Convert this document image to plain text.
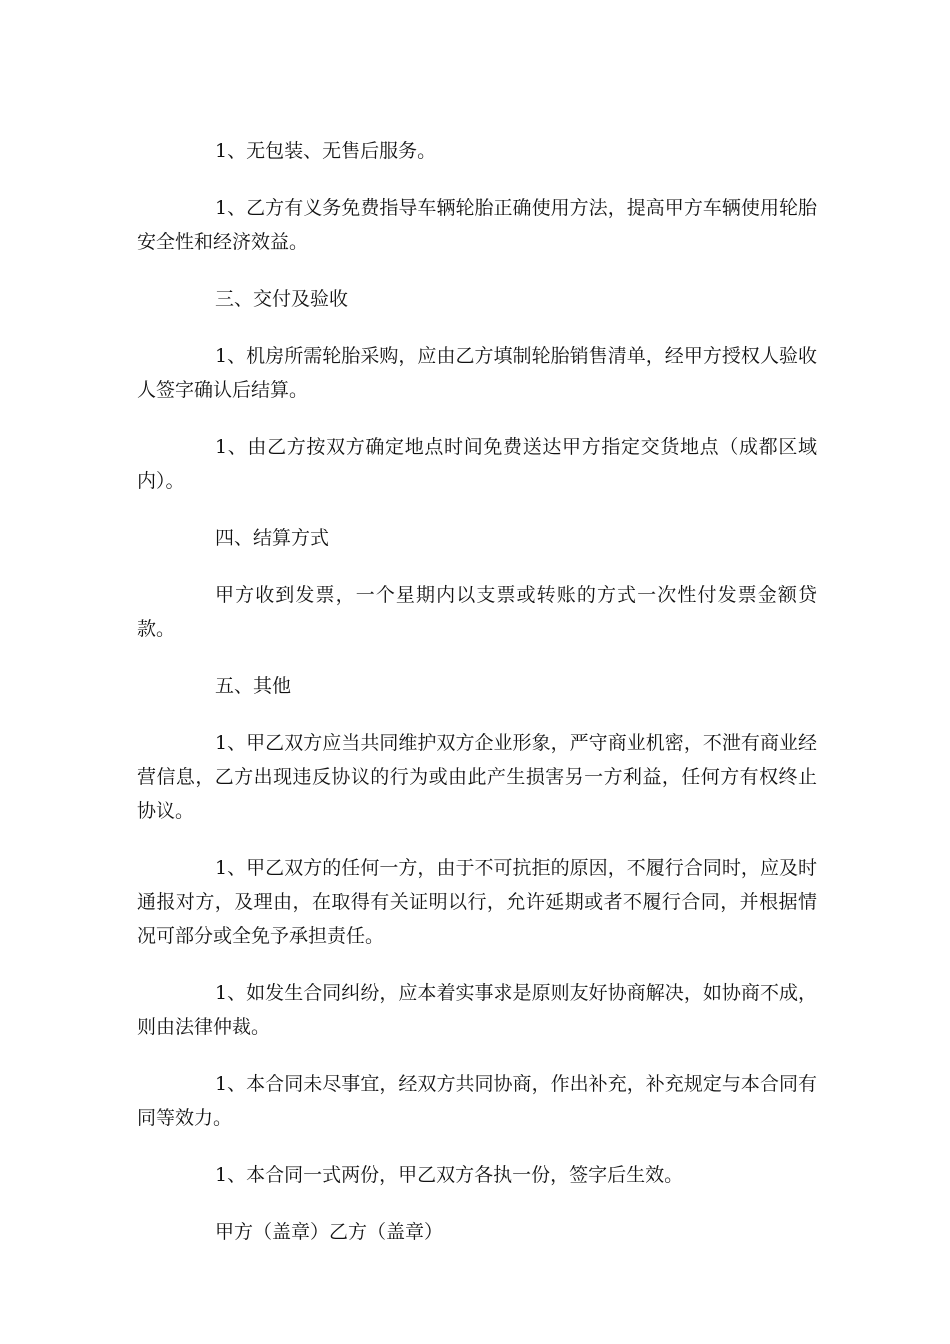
1、无包装、无售后服务。

1、乙方有义务免费指导车辆轮胎正确使用方法，提高甲方车辆使用轮胎安全性和经济效益。

三、交付及验收

1、机房所需轮胎采购，应由乙方填制轮胎销售清单，经甲方授权人验收人签字确认后结算。

1、由乙方按双方确定地点时间免费送达甲方指定交货地点（成都区域内）。

四、结算方式

甲方收到发票，一个星期内以支票或转账的方式一次性付发票金额贷款。

五、其他

1、甲乙双方应当共同维护双方企业形象，严守商业机密，不泄有商业经营信息，乙方出现违反协议的行为或由此产生损害另一方利益，任何方有权终止协议。

1、甲乙双方的任何一方，由于不可抗拒的原因，不履行合同时，应及时通报对方，及理由，在取得有关证明以行，允许延期或者不履行合同，并根据情况可部分或全免予承担责任。

1、如发生合同纠纷，应本着实事求是原则友好协商解决，如协商不成，则由法律仲裁。

1、本合同未尽事宜，经双方共同协商，作出补充，补充规定与本合同有同等效力。

1、本合同一式两份，甲乙双方各执一份，签字后生效。

甲方（盖章）乙方（盖章）
